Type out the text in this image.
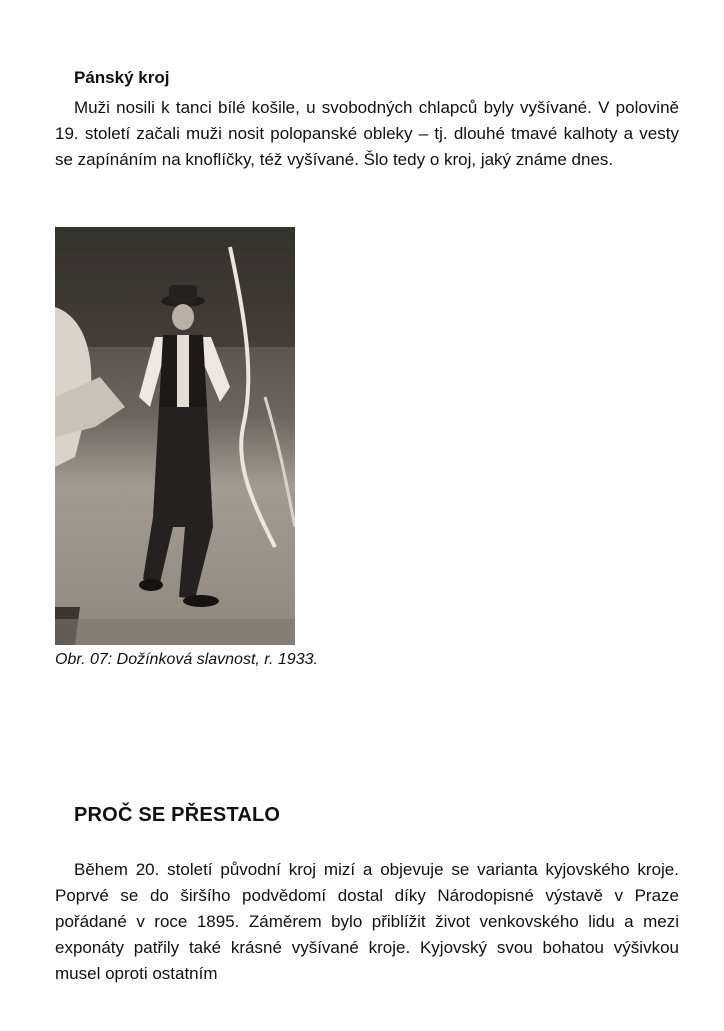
Pánský kroj

Muži nosili k tanci bílé košile, u svobodných chlapců byly vyšívané. V polovině 19. století začali muži nosit polopanské obleky – tj. dlouhé tmavé kalhoty a vesty se zapínáním na knoflíčky, též vyšívané. Šlo tedy o kroj, jaký známe dnes.

Obr. 07: Dožínková slavnost, r. 1933.

PROČ SE PŘESTALO

Během 20. století původní kroj mizí a objevuje se varianta kyjovského kroje. Poprvé se do širšího podvědomí dostal díky Národopisné výstavě v Praze pořádané v roce 1895. Záměrem bylo přiblížit život venkovského lidu a mezi exponáty patřily také krásné vyšívané kroje. Kyjovský svou bohatou výšivkou musel oproti ostatním
